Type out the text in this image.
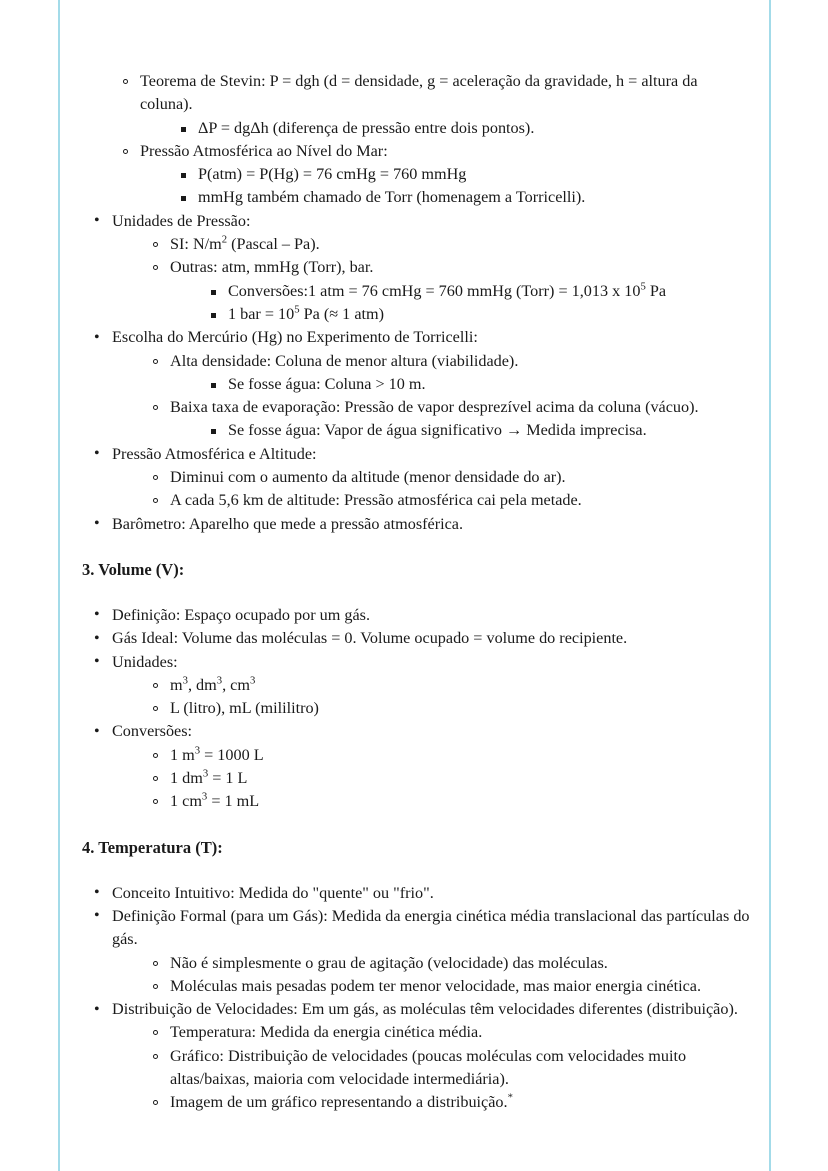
Teorema de Stevin: P = dgh (d = densidade, g = aceleração da gravidade, h = altura da coluna).
ΔP = dgΔh (diferença de pressão entre dois pontos).
Pressão Atmosférica ao Nível do Mar:
P(atm) = P(Hg) = 76 cmHg = 760 mmHg
mmHg também chamado de Torr (homenagem a Torricelli).
Unidades de Pressão:
SI: $N/m^2$ (Pascal – Pa).
Outras: atm, mmHg (Torr), bar.
Conversões:1 atm = 76 cmHg = 760 mmHg (Torr) = 1,013 x $10^5$ Pa
1 bar = $10^5$ Pa (≈ 1 atm)
Escolha do Mercúrio (Hg) no Experimento de Torricelli:
Alta densidade: Coluna de menor altura (viabilidade).
Se fosse água: Coluna > 10 m.
Baixa taxa de evaporação: Pressão de vapor desprezível acima da coluna (vácuo).
Se fosse água: Vapor de água significativo → Medida imprecisa.
Pressão Atmosférica e Altitude:
Diminui com o aumento da altitude (menor densidade do ar).
A cada 5,6 km de altitude: Pressão atmosférica cai pela metade.
Barômetro: Aparelho que mede a pressão atmosférica.
3. Volume (V):
Definição: Espaço ocupado por um gás.
Gás Ideal: Volume das moléculas = 0. Volume ocupado = volume do recipiente.
Unidades:
$m^3$, $dm^3$, $cm^3$
L (litro), mL (mililitro)
Conversões:
1 $m^3 = 1000$ L
1 $dm^3 = 1$ L
1 $cm^3 = 1$ mL
4. Temperatura (T):
Conceito Intuitivo: Medida do "quente" ou "frio".
Definição Formal (para um Gás): Medida da energia cinética média translacional das partículas do gás.
Não é simplesmente o grau de agitação (velocidade) das moléculas.
Moléculas mais pesadas podem ter menor velocidade, mas maior energia cinética.
Distribuição de Velocidades: Em um gás, as moléculas têm velocidades diferentes (distribuição).
Temperatura: Medida da energia cinética média.
Gráfico: Distribuição de velocidades (poucas moléculas com velocidades muito altas/baixas, maioria com velocidade intermediária).
Imagem de um gráfico representando a distribuição.*
